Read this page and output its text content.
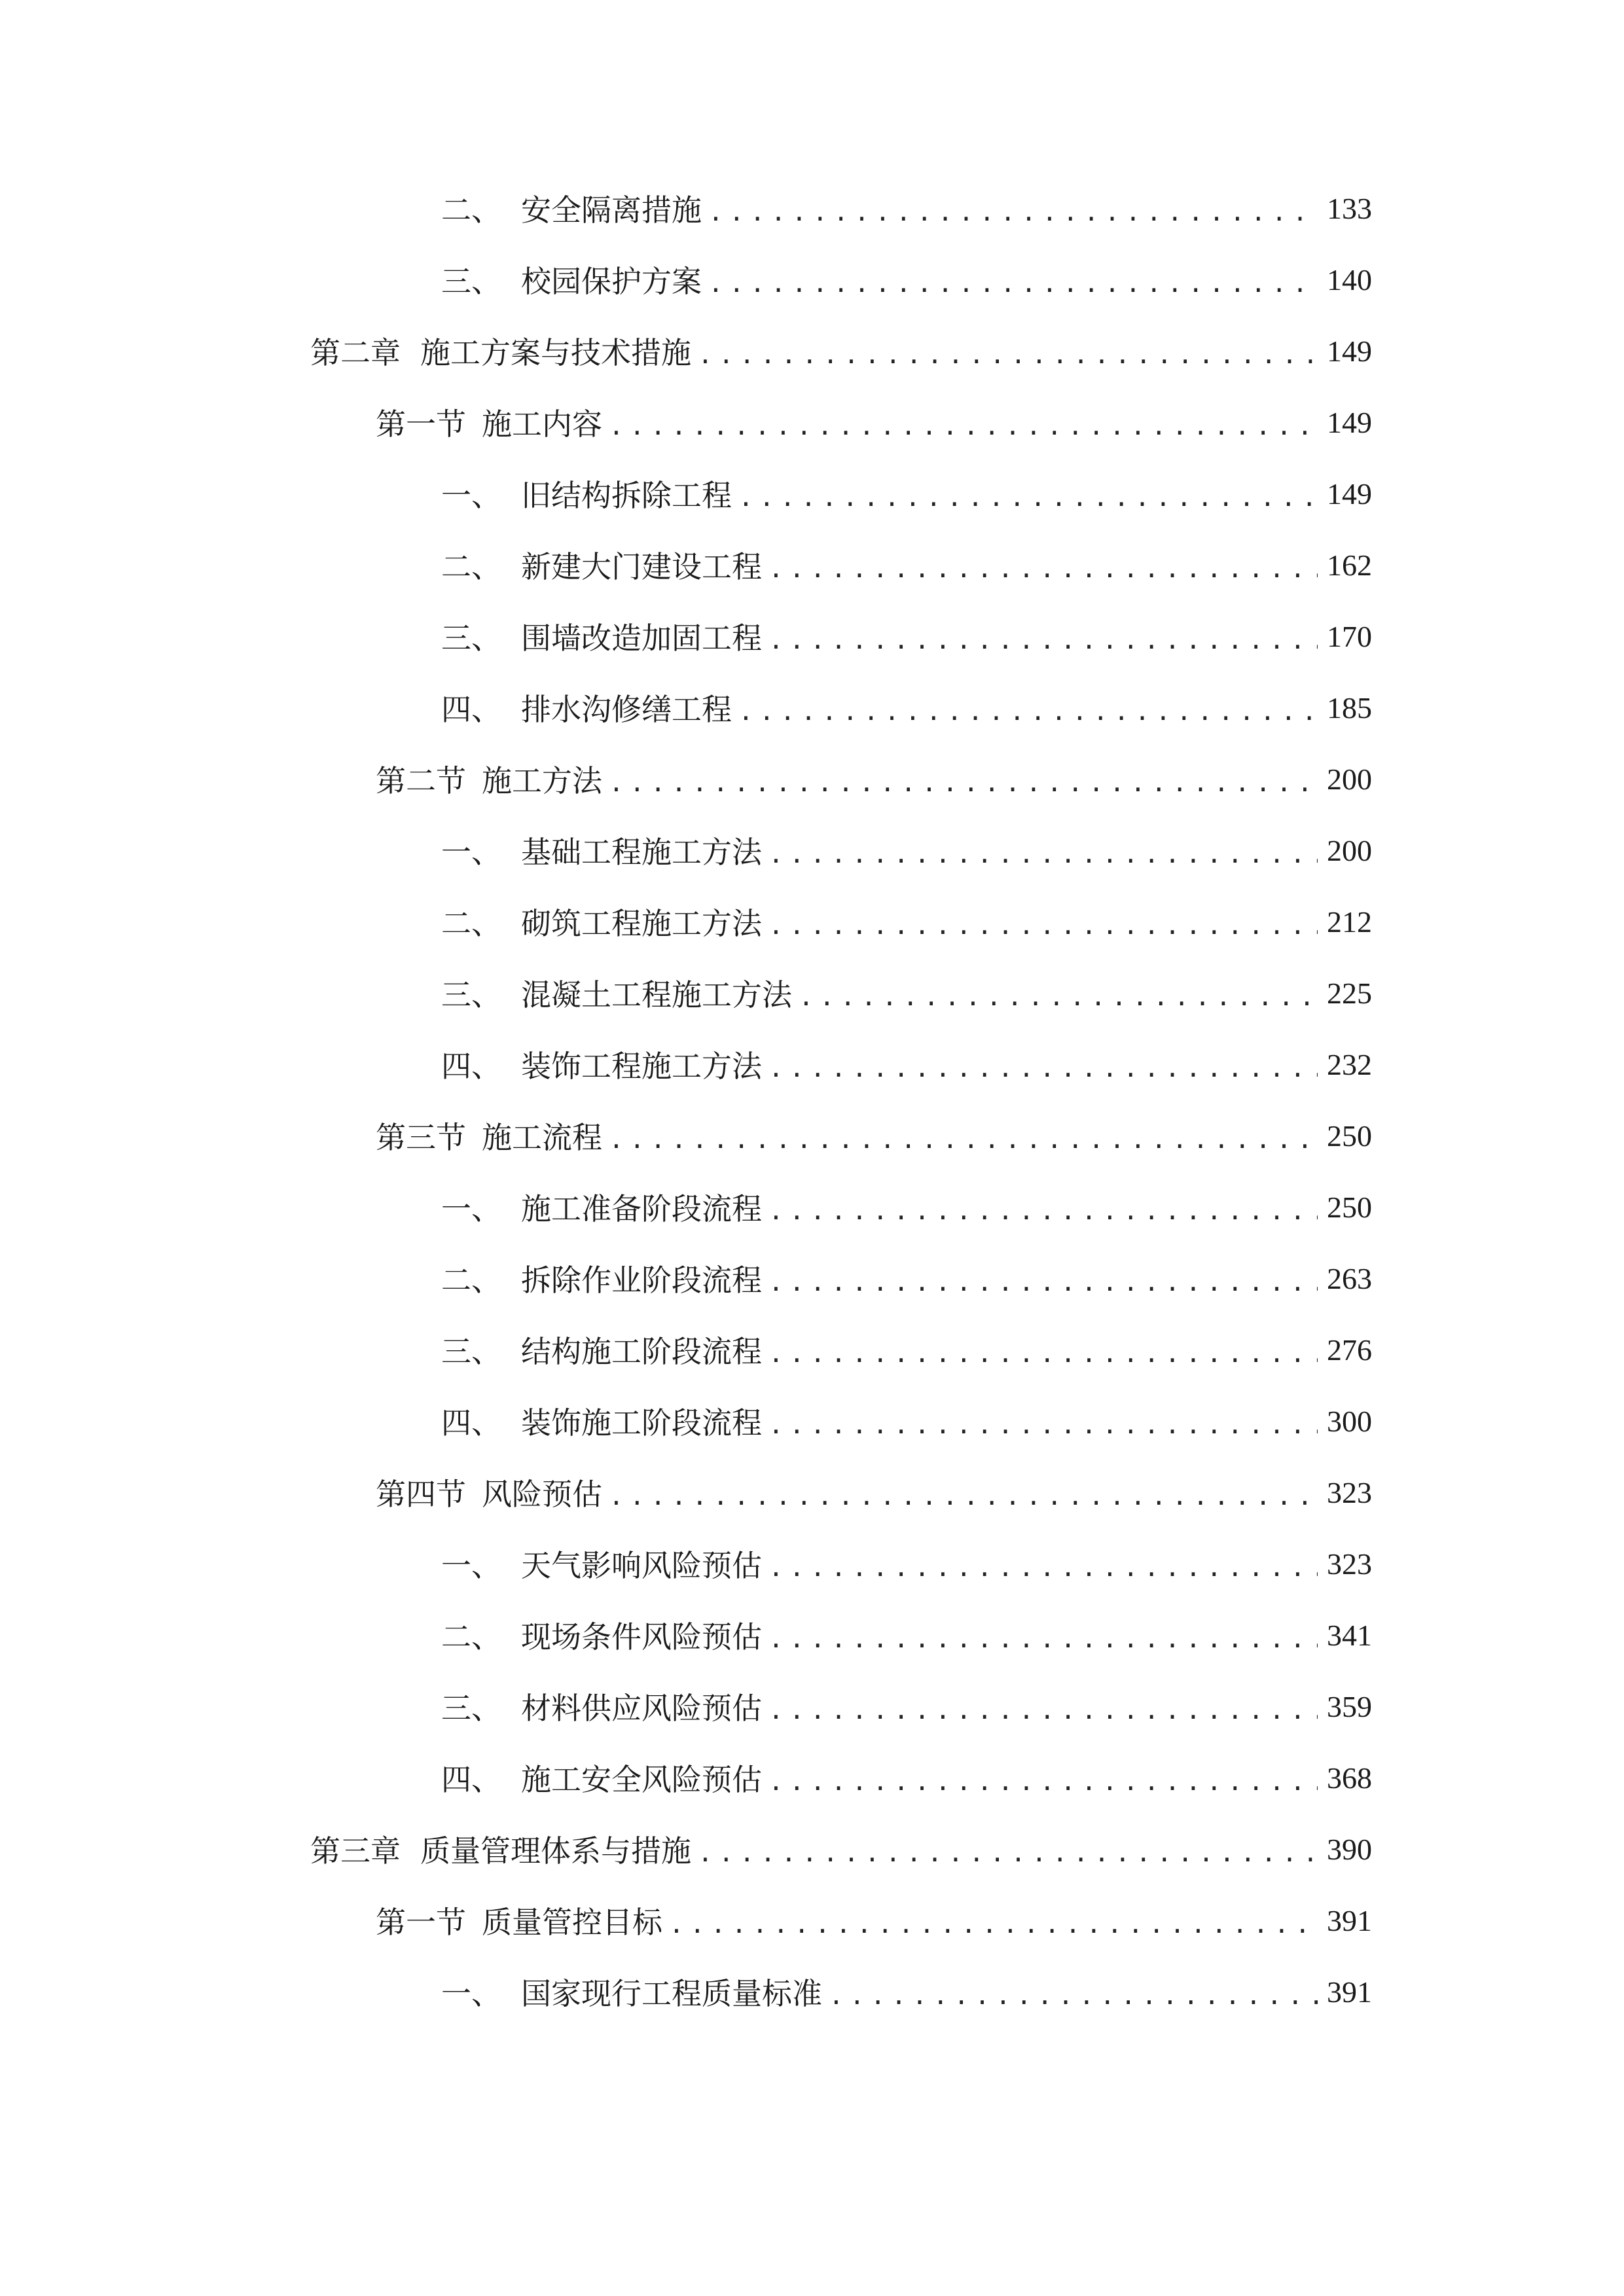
二、 安全隔离措施 .....	133
三、 校园保护方案 .....	140
第二章 施工方案与技术措施 .....	149
第一节 施工内容 .....	149
一、 旧结构拆除工程 .....	149
二、 新建大门建设工程 .....	162
三、 围墙改造加固工程 .....	170
四、 排水沟修缮工程 .....	185
第二节 施工方法 .....	200
一、 基础工程施工方法 .....	200
二、 砌筑工程施工方法 .....	212
三、 混凝土工程施工方法 .....	225
四、 装饰工程施工方法 .....	232
第三节 施工流程 .....	250
一、 施工准备阶段流程 .....	250
二、 拆除作业阶段流程 .....	263
三、 结构施工阶段流程 .....	276
四、 装饰施工阶段流程 .....	300
第四节 风险预估 .....	323
一、 天气影响风险预估 .....	323
二、 现场条件风险预估 .....	341
三、 材料供应风险预估 .....	359
四、 施工安全风险预估 .....	368
第三章 质量管理体系与措施 .....	390
第一节 质量管控目标 .....	391
一、 国家现行工程质量标准 .....	391
